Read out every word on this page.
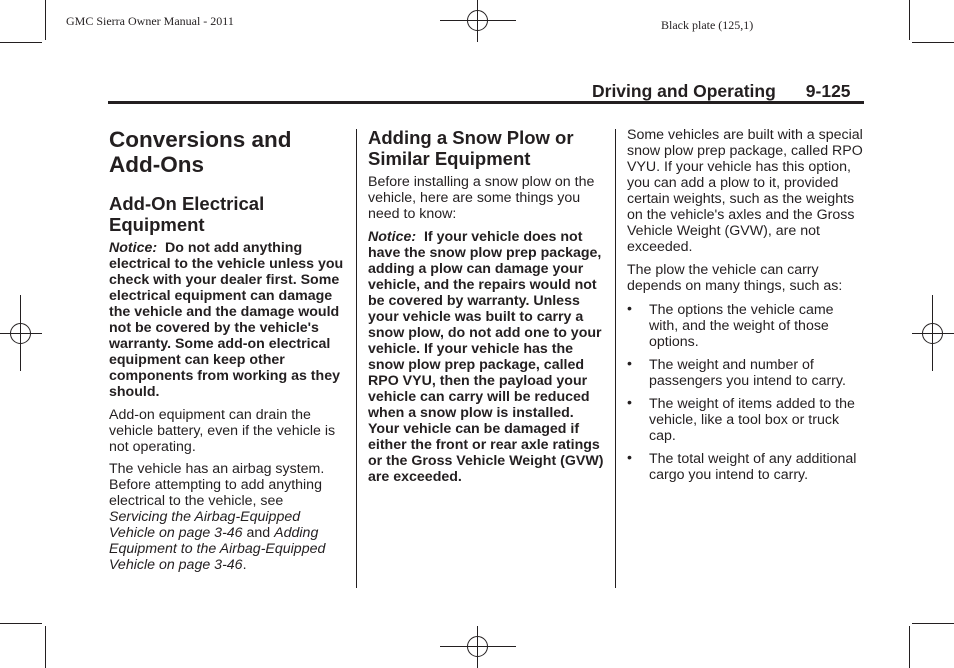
GMC Sierra Owner Manual - 2011	Black plate (125,1)
Driving and Operating 9-125
Conversions and Add-Ons
Add-On Electrical Equipment

Notice: Do not add anything electrical to the vehicle unless you check with your dealer first. Some electrical equipment can damage the vehicle and the damage would not be covered by the vehicle's warranty. Some add-on electrical equipment can keep other components from working as they should.

Add-on equipment can drain the vehicle battery, even if the vehicle is not operating.

The vehicle has an airbag system. Before attempting to add anything electrical to the vehicle, see Servicing the Airbag-Equipped Vehicle on page 3-46 and Adding Equipment to the Airbag-Equipped Vehicle on page 3-46.

Adding a Snow Plow or Similar Equipment

Before installing a snow plow on the vehicle, here are some things you need to know:

Notice: If your vehicle does not have the snow plow prep package, adding a plow can damage your vehicle, and the repairs would not be covered by warranty. Unless your vehicle was built to carry a snow plow, do not add one to your vehicle. If your vehicle has the snow plow prep package, called RPO VYU, then the payload your vehicle can carry will be reduced when a snow plow is installed. Your vehicle can be damaged if either the front or rear axle ratings or the Gross Vehicle Weight (GVW) are exceeded.

Some vehicles are built with a special snow plow prep package, called RPO VYU. If your vehicle has this option, you can add a plow to it, provided certain weights, such as the weights on the vehicle's axles and the Gross Vehicle Weight (GVW), are not exceeded.

The plow the vehicle can carry depends on many things, such as:

• The options the vehicle came with, and the weight of those options.
• The weight and number of passengers you intend to carry.
• The weight of items added to the vehicle, like a tool box or truck cap.
• The total weight of any additional cargo you intend to carry.
